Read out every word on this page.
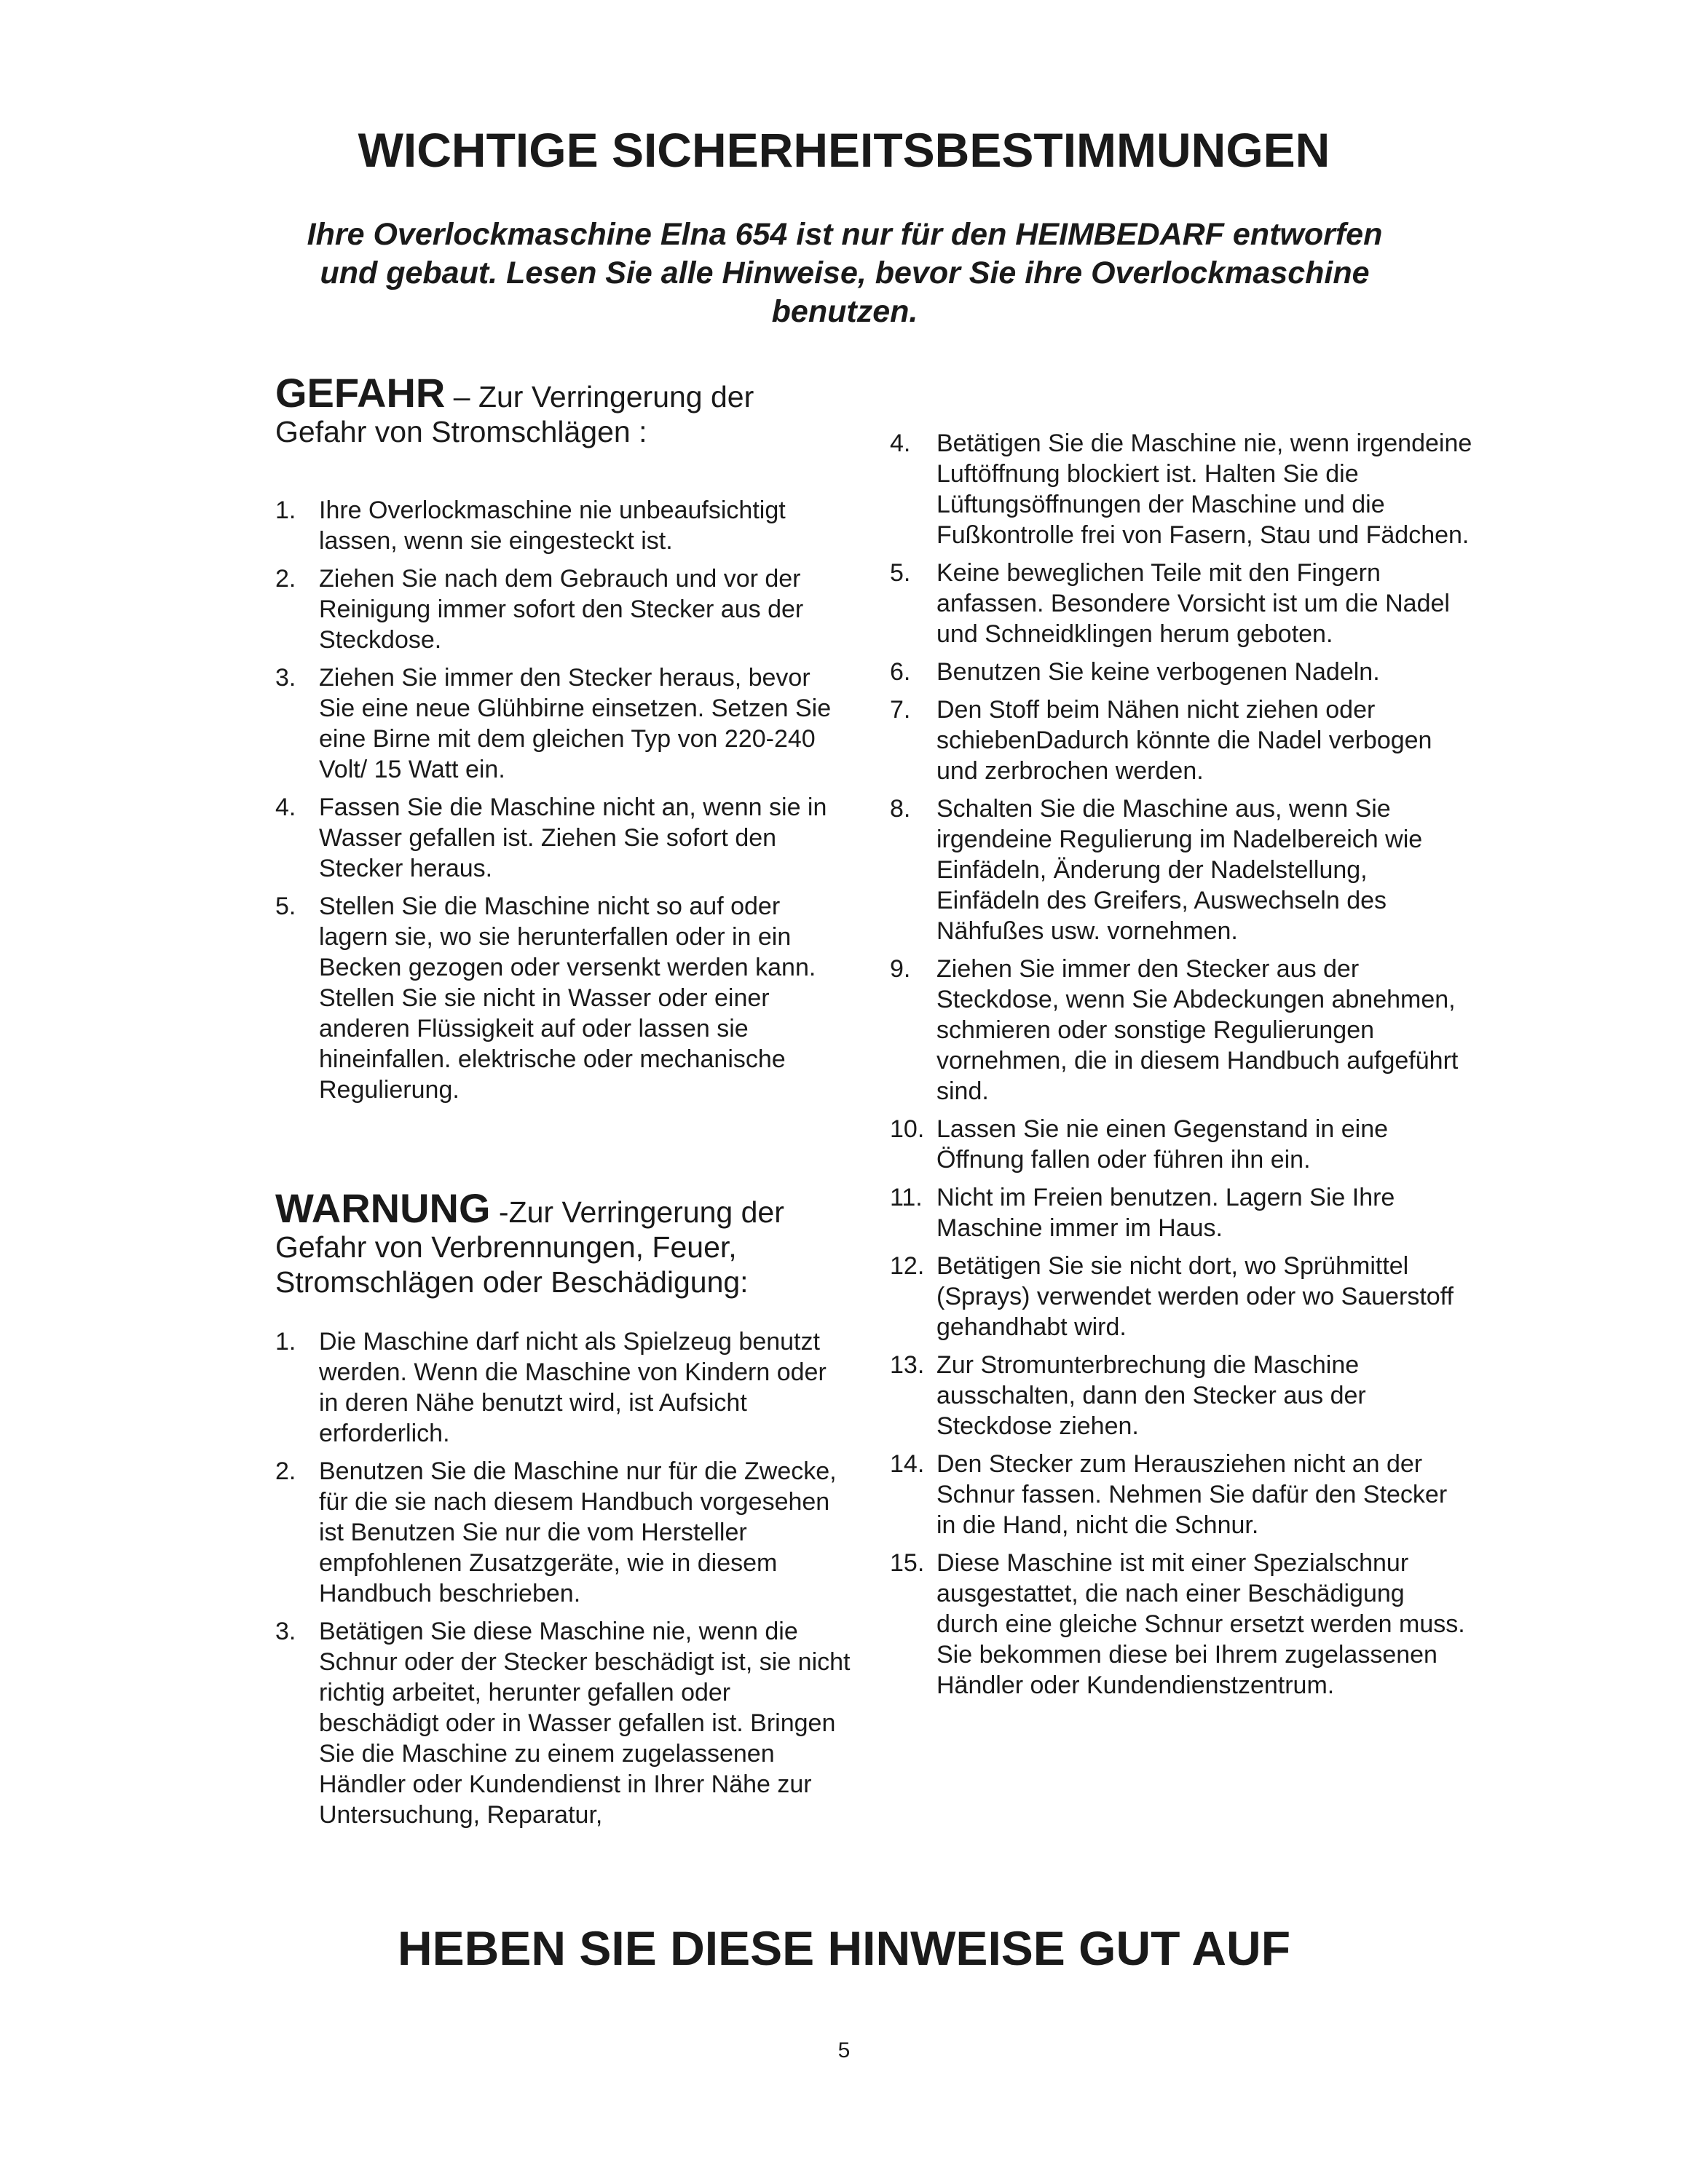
WICHTIGE SICHERHEITSBESTIMMUNGEN

Ihre Overlockmaschine Elna 654 ist nur für den HEIMBEDARF entworfen und gebaut. Lesen Sie alle Hinweise, bevor Sie ihre Overlockmaschine benutzen.

GEFAHR – Zur Verringerung der Gefahr von Stromschlägen :
1. Ihre Overlockmaschine nie unbeaufsichtigt lassen, wenn sie eingesteckt ist.
2. Ziehen Sie nach dem Gebrauch und vor der Reinigung immer sofort den Stecker aus der Steckdose.
3. Ziehen Sie immer den Stecker heraus, bevor Sie eine neue Glühbirne einsetzen. Setzen Sie eine Birne mit dem gleichen Typ von 220-240 Volt/ 15 Watt ein.
4. Fassen Sie die Maschine nicht an, wenn sie in Wasser gefallen ist. Ziehen Sie sofort den Stecker heraus.
5. Stellen Sie die Maschine nicht so auf oder lagern sie, wo sie herunterfallen oder in ein Becken gezogen oder versenkt werden kann. Stellen Sie sie nicht in Wasser oder einer anderen Flüssigkeit auf oder lassen sie hineinfallen. elektrische oder mechanische Regulierung.
WARNUNG -Zur Verringerung der Gefahr von Verbrennungen, Feuer, Stromschlägen oder Beschädigung:
1. Die Maschine darf nicht als Spielzeug benutzt werden. Wenn die Maschine von Kindern oder in deren Nähe benutzt wird, ist Aufsicht erforderlich.
2. Benutzen Sie die Maschine nur für die Zwecke, für die sie nach diesem Handbuch vorgesehen ist Benutzen Sie nur die vom Hersteller empfohlenen Zusatzgeräte, wie in diesem Handbuch beschrieben.
3. Betätigen Sie diese Maschine nie, wenn die Schnur oder der Stecker beschädigt ist, sie nicht richtig arbeitet, herunter gefallen oder beschädigt oder in Wasser gefallen ist. Bringen Sie die Maschine zu einem zugelassenen Händler oder Kundendienst in Ihrer Nähe zur Untersuchung, Reparatur,
4.	Betätigen Sie die Maschine nie, wenn irgendeine Luftöffnung blockiert ist. Halten Sie die Lüftungsöffnungen der Maschine und die Fußkontrolle frei von Fasern, Stau und Fädchen.
5.	Keine beweglichen Teile mit den Fingern anfassen. Besondere Vorsicht ist um die Nadel und Schneidklingen herum geboten.
6.	Benutzen Sie keine verbogenen Nadeln.
7.	Den Stoff beim Nähen nicht ziehen oder schiebenDadurch könnte die Nadel verbogen und zerbrochen werden.
8.	Schalten Sie die Maschine aus, wenn Sie irgendeine Regulierung im Nadelbereich wie Einfädeln, Änderung der Nadelstellung, Einfädeln des Greifers, Auswechseln des Nähfußes usw. vornehmen.
9.	Ziehen Sie immer den Stecker aus der Steckdose, wenn Sie Abdeckungen abnehmen, schmieren oder sonstige Regulierungen vornehmen, die in diesem Handbuch aufgeführt sind.
10. Lassen Sie nie einen Gegenstand in eine Öffnung fallen oder führen ihn ein.
11. Nicht im Freien benutzen. Lagern Sie Ihre Maschine immer im Haus.
12. Betätigen Sie sie nicht dort, wo Sprühmittel (Sprays) verwendet werden oder wo Sauerstoff gehandhabt wird.
13. Zur Stromunterbrechung die Maschine ausschalten, dann den Stecker aus der Steckdose ziehen.
14. Den Stecker zum Herausziehen nicht an der Schnur fassen. Nehmen Sie dafür den Stecker in die Hand, nicht die Schnur.
15. Diese Maschine ist mit einer Spezialschnur ausgestattet, die nach einer Beschädigung durch eine gleiche Schnur ersetzt werden muss. Sie bekommen diese bei Ihrem zugelassenen Händler oder Kundendienstzentrum.
HEBEN SIE DIESE HINWEISE GUT AUF
5
